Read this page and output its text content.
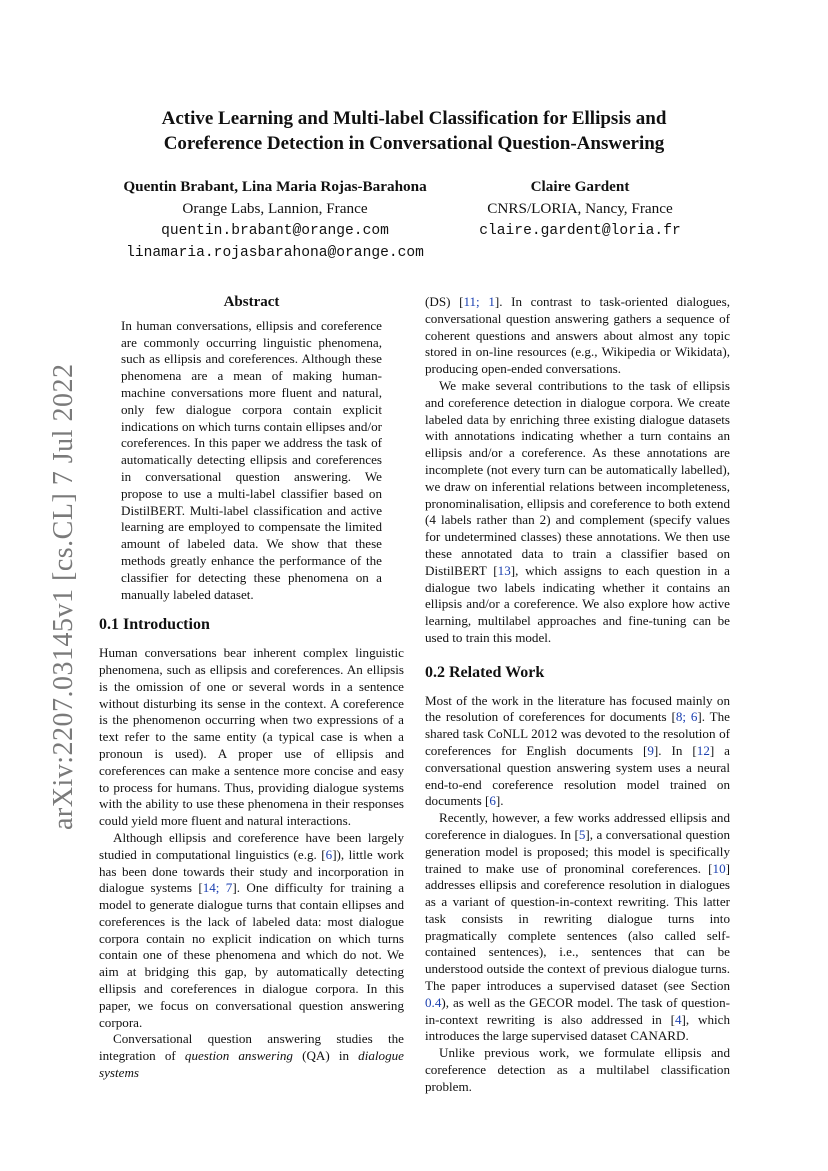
arXiv:2207.03145v1 [cs.CL] 7 Jul 2022
Active Learning and Multi-label Classification for Ellipsis and
Coreference Detection in Conversational Question-Answering
Quentin Brabant, Lina Maria Rojas-Barahona
Orange Labs, Lannion, France
quentin.brabant@orange.com
linamaria.rojasbarahona@orange.com
Claire Gardent
CNRS/LORIA, Nancy, France
claire.gardent@loria.fr
Abstract

In human conversations, ellipsis and coreference are commonly occurring linguistic phenomena, such as ellipsis and coreferences. Although these phenomena are a mean of making human-machine conversations more fluent and natural, only few dialogue corpora contain explicit indications on which turns contain ellipses and/or coreferences. In this paper we address the task of automatically detecting ellipsis and coreferences in conversational question answering. We propose to use a multi-label classifier based on DistilBERT. Multi-label classification and active learning are employed to compensate the limited amount of labeled data. We show that these methods greatly enhance the performance of the classifier for detecting these phenomena on a manually labeled dataset.

0.1 Introduction

Human conversations bear inherent complex linguistic phenomena, such as ellipsis and coreferences. An ellipsis is the omission of one or several words in a sentence without disturbing its sense in the context. A coreference is the phenomenon occurring when two expressions of a text refer to the same entity (a typical case is when a pronoun is used). A proper use of ellipsis and coreferences can make a sentence more concise and easy to process for humans. Thus, providing dialogue systems with the ability to use these phenomena in their responses could yield more fluent and natural interactions.

Although ellipsis and coreference have been largely studied in computational linguistics (e.g. [6]), little work has been done towards their study and incorporation in dialogue systems [14; 7]. One difficulty for training a model to generate dialogue turns that contain ellipses and coreferences is the lack of labeled data: most dialogue corpora contain no explicit indication on which turns contain one of these phenomena and which do not. We aim at bridging this gap, by automatically detecting ellipsis and coreferences in dialogue corpora. In this paper, we focus on conversational question answering corpora.

Conversational question answering studies the integration of question answering (QA) in dialogue systems

(DS) [11; 1]. In contrast to task-oriented dialogues, conversational question answering gathers a sequence of coherent questions and answers about almost any topic stored in on-line resources (e.g., Wikipedia or Wikidata), producing open-ended conversations.

We make several contributions to the task of ellipsis and coreference detection in dialogue corpora. We create labeled data by enriching three existing dialogue datasets with annotations indicating whether a turn contains an ellipsis and/or a coreference. As these annotations are incomplete (not every turn can be automatically labelled), we draw on inferential relations between incompleteness, pronominalisation, ellipsis and coreference to both extend (4 labels rather than 2) and complement (specify values for undetermined classes) these annotations. We then use these annotated data to train a classifier based on DistilBERT [13], which assigns to each question in a dialogue two labels indicating whether it contains an ellipsis and/or a coreference. We also explore how active learning, multilabel approaches and fine-tuning can be used to train this model.

0.2 Related Work

Most of the work in the literature has focused mainly on the resolution of coreferences for documents [8; 6]. The shared task CoNLL 2012 was devoted to the resolution of coreferences for English documents [9]. In [12] a conversational question answering system uses a neural end-to-end coreference resolution model trained on documents [6].

Recently, however, a few works addressed ellipsis and coreference in dialogues. In [5], a conversational question generation model is proposed; this model is specifically trained to make use of pronominal coreferences. [10] addresses ellipsis and coreference resolution in dialogues as a variant of question-in-context rewriting. This latter task consists in rewriting dialogue turns into pragmatically complete sentences (also called self-contained sentences), i.e., sentences that can be understood outside the context of previous dialogue turns. The paper introduces a supervised dataset (see Section 0.4), as well as the GECOR model. The task of question-in-context rewriting is also addressed in [4], which introduces the large supervised dataset CANARD.

Unlike previous work, we formulate ellipsis and coreference detection as a multilabel classification problem.
